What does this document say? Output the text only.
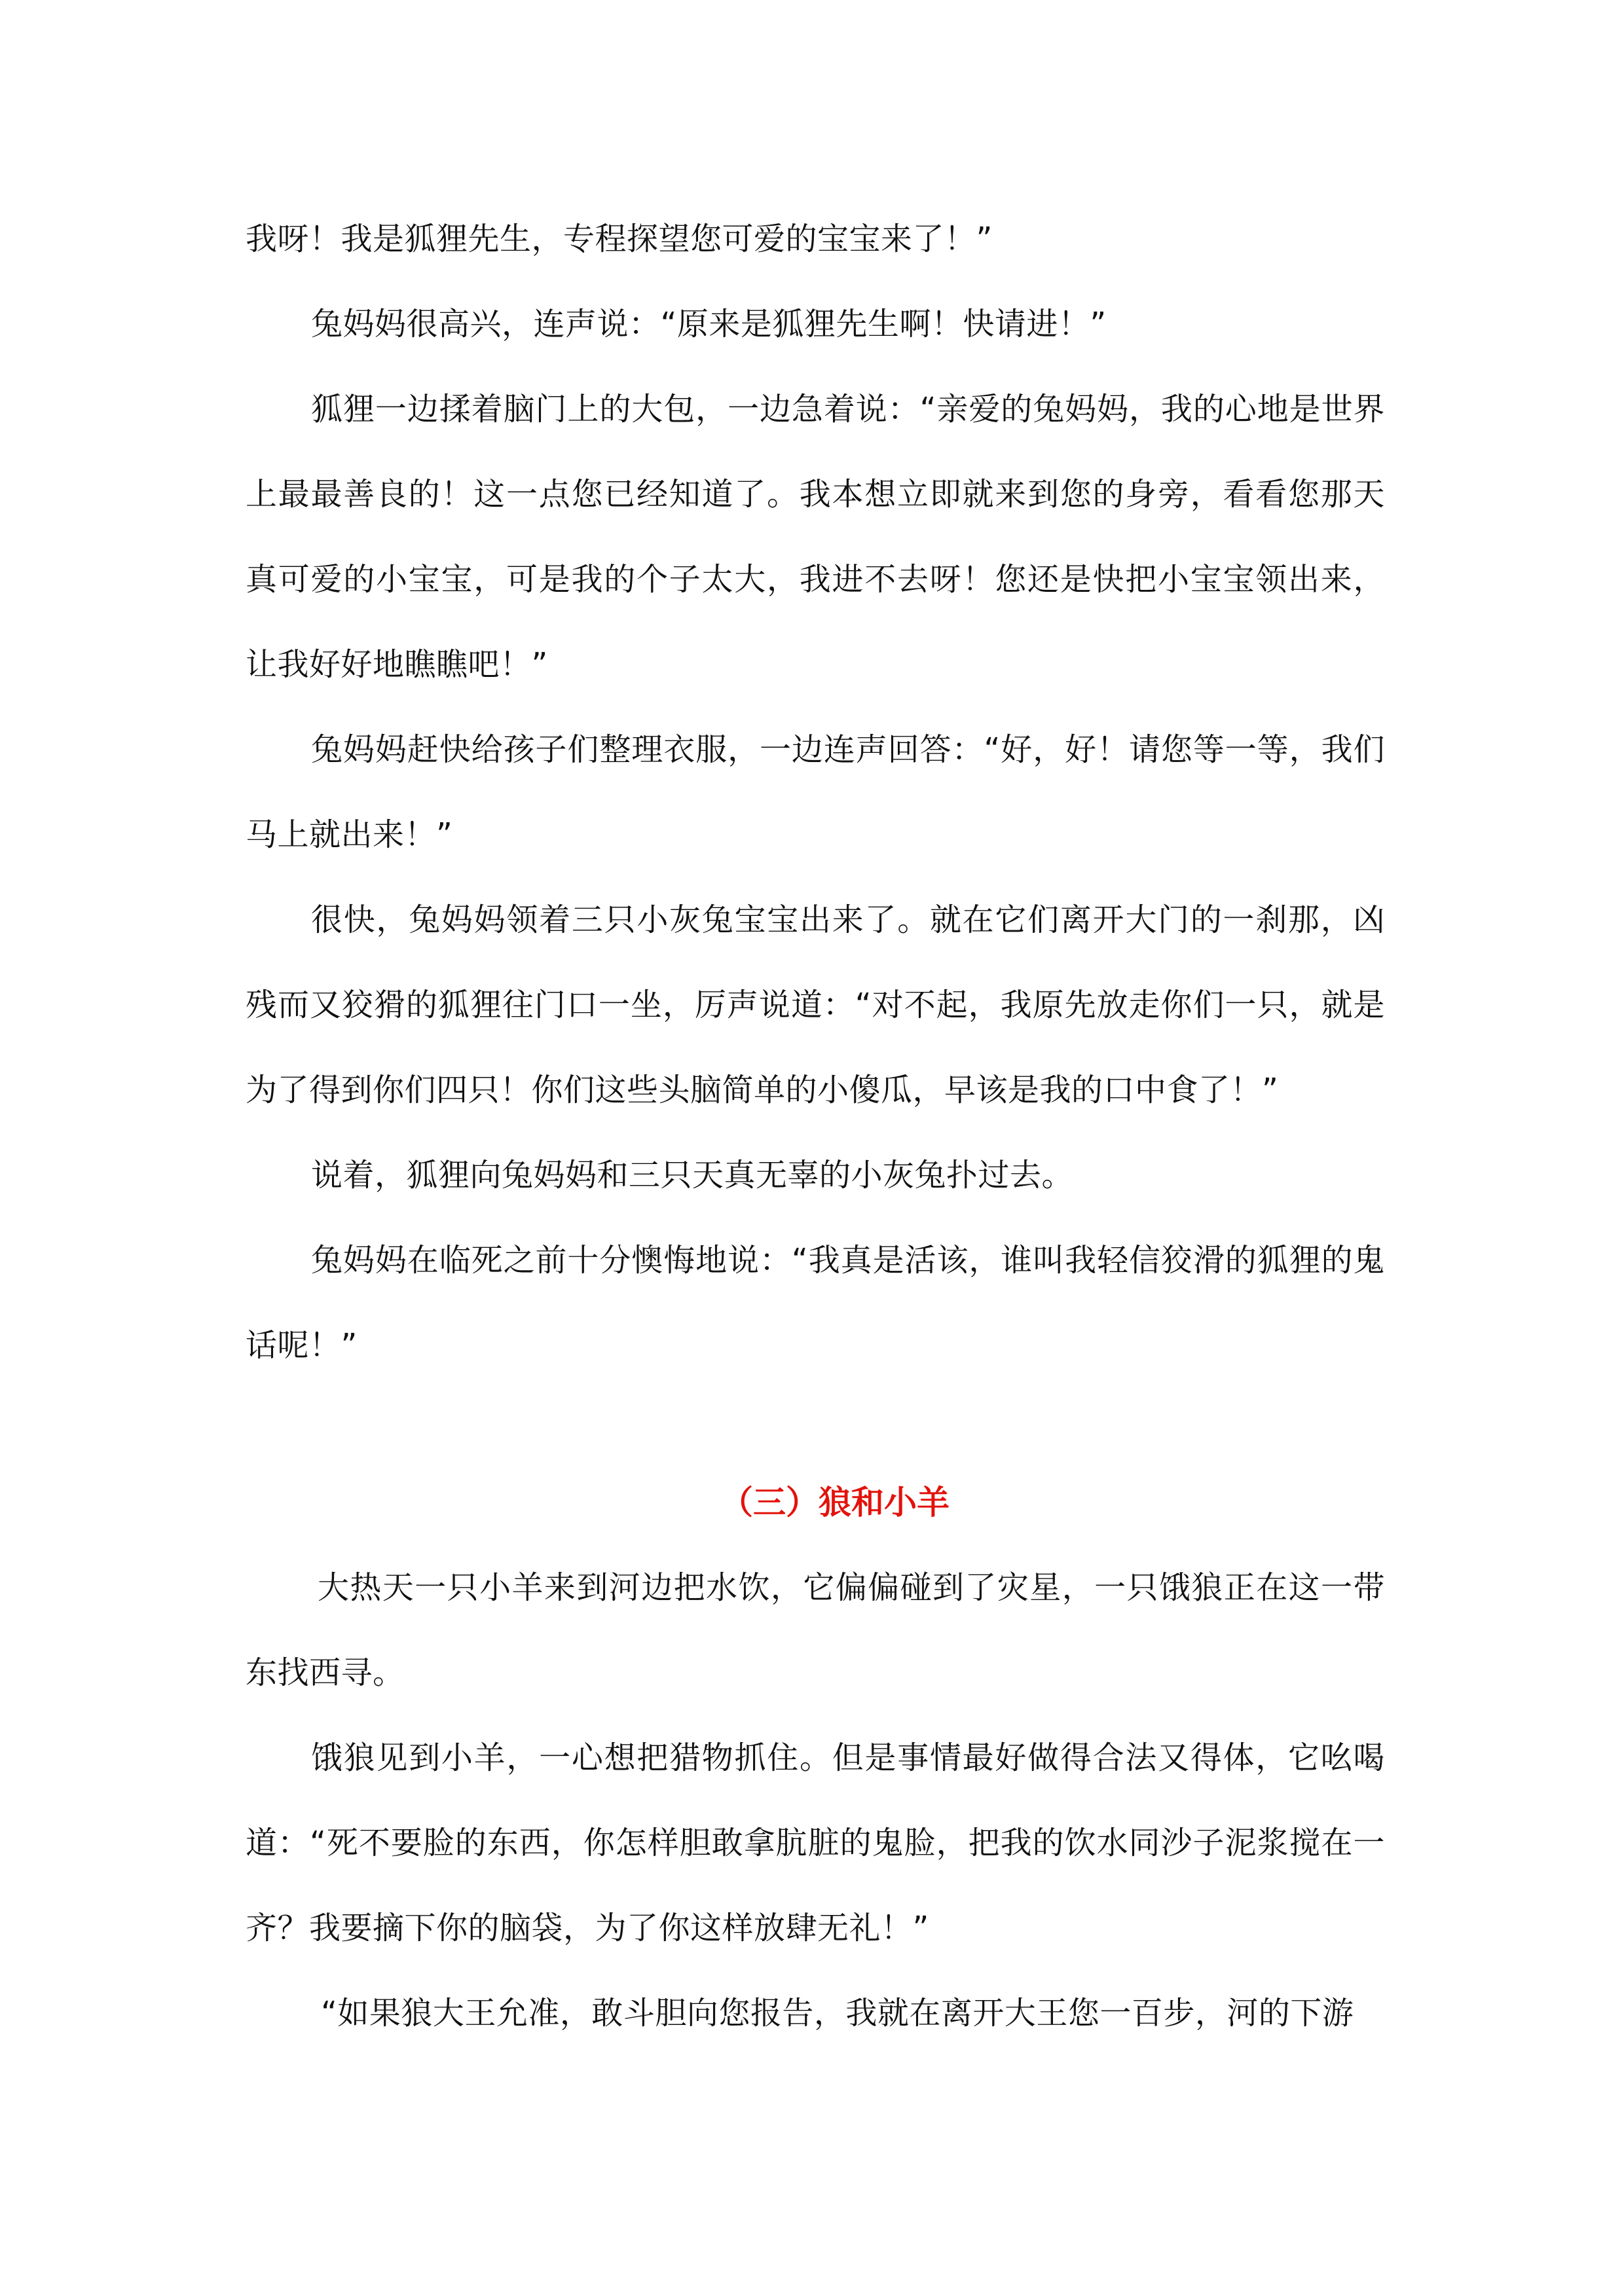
我呀！我是狐狸先生，专程探望您可爱的宝宝来了！”

兔妈妈很高兴，连声说：“原来是狐狸先生啊！快请进！”

狐狸一边揉着脑门上的大包，一边急着说：“亲爱的兔妈妈，我的心地是世界上最最善良的！这一点您已经知道了。我本想立即就来到您的身旁，看看您那天真可爱的小宝宝，可是我的个子太大，我进不去呀！您还是快把小宝宝领出来，让我好好地瞧瞧吧！”

兔妈妈赶快给孩子们整理衣服，一边连声回答：“好，好！请您等一等，我们马上就出来！”

很快，兔妈妈领着三只小灰兔宝宝出来了。就在它们离开大门的一刹那，凶残而又狡猾的狐狸往门口一坐，厉声说道：“对不起，我原先放走你们一只，就是为了得到你们四只！你们这些头脑简单的小傻瓜，早该是我的口中食了！”

说着，狐狸向兔妈妈和三只天真无辜的小灰兔扑过去。

兔妈妈在临死之前十分懊悔地说：“我真是活该，谁叫我轻信狡滑的狐狸的鬼话呢！”

（三）狼和小羊

大热天一只小羊来到河边把水饮，它偏偏碰到了灾星，一只饿狼正在这一带东找西寻。

饿狼见到小羊，一心想把猎物抓住。但是事情最好做得合法又得体，它吆喝道：“死不要脸的东西，你怎样胆敢拿肮脏的鬼脸，把我的饮水同沙子泥浆搅在一齐？我要摘下你的脑袋，为了你这样放肆无礼！”

“如果狼大王允准，敢斗胆向您报告，我就在离开大王您一百步，河的下游
